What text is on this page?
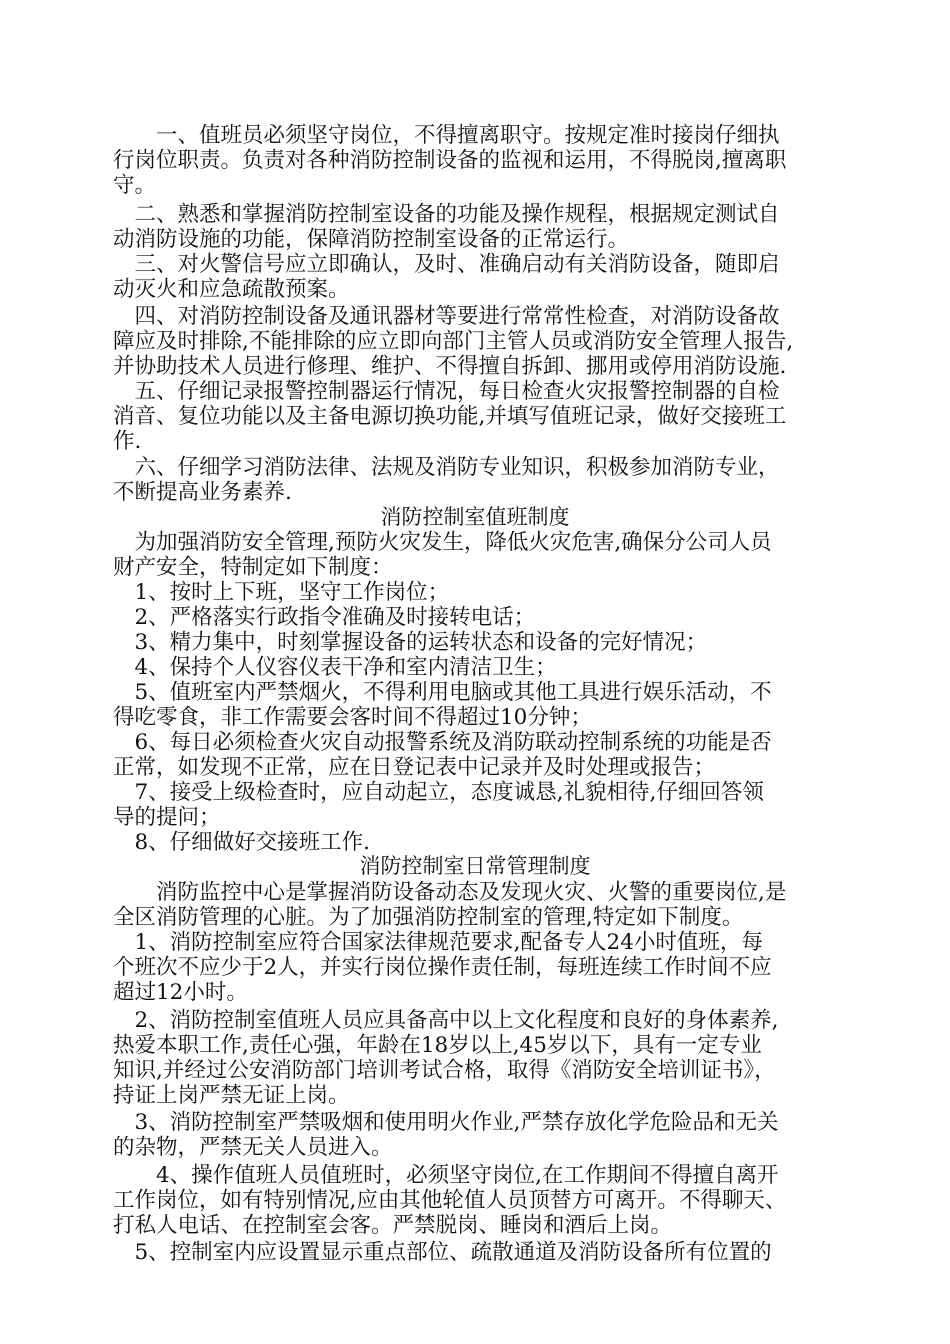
　　一、值班员必须坚守岗位，不得擅离职守。按规定准时接岗仔细执
行岗位职责。负责对各种消防控制设备的监视和运用，不得脱岗,擅离职
守。
　二、熟悉和掌握消防控制室设备的功能及操作规程，根据规定测试自
动消防设施的功能，保障消防控制室设备的正常运行。
　三、对火警信号应立即确认，及时、准确启动有关消防设备，随即启
动灭火和应急疏散预案。
　四、对消防控制设备及通讯器材等要进行常常性检查，对消防设备故
障应及时排除,不能排除的应立即向部门主管人员或消防安全管理人报告,
并协助技术人员进行修理、维护、不得擅自拆卸、挪用或停用消防设施.
　五、仔细记录报警控制器运行情况，每日检查火灾报警控制器的自检
消音、复位功能以及主备电源切换功能,并填写值班记录，做好交接班工
作.
　六、仔细学习消防法律、法规及消防专业知识，积极参加消防专业，
不断提高业务素养.
消防控制室值班制度
　为加强消防安全管理,预防火灾发生，降低火灾危害,确保分公司人员
财产安全，特制定如下制度：
　1、按时上下班，坚守工作岗位；
　2、严格落实行政指令准确及时接转电话；
　3、精力集中，时刻掌握设备的运转状态和设备的完好情况；
　4、保持个人仪容仪表干净和室内清洁卫生；
　5、值班室内严禁烟火，不得利用电脑或其他工具进行娱乐活动，不
得吃零食，非工作需要会客时间不得超过10分钟；
　6、每日必须检查火灾自动报警系统及消防联动控制系统的功能是否
正常，如发现不正常，应在日登记表中记录并及时处理或报告；
　7、接受上级检查时，应自动起立，态度诚恳,礼貌相待,仔细回答领
导的提问；
　8、仔细做好交接班工作.
消防控制室日常管理制度
　　消防监控中心是掌握消防设备动态及发现火灾、火警的重要岗位,是
全区消防管理的心脏。为了加强消防控制室的管理,特定如下制度。
　1、消防控制室应符合国家法律规范要求,配备专人24小时值班，每
个班次不应少于2人，并实行岗位操作责任制，每班连续工作时间不应
超过12小时。
　2、消防控制室值班人员应具备高中以上文化程度和良好的身体素养,
热爱本职工作,责任心强，年龄在18岁以上,45岁以下，具有一定专业
知识,并经过公安消防部门培训考试合格，取得《消防安全培训证书》，
持证上岗严禁无证上岗。
　3、消防控制室严禁吸烟和使用明火作业,严禁存放化学危险品和无关
的杂物，严禁无关人员进入。
　　4、操作值班人员值班时，必须坚守岗位,在工作期间不得擅自离开
工作岗位，如有特别情况,应由其他轮值人员顶替方可离开。不得聊天、
打私人电话、在控制室会客。严禁脱岗、睡岗和酒后上岗。
　5、控制室内应设置显示重点部位、疏散通道及消防设备所有位置的
